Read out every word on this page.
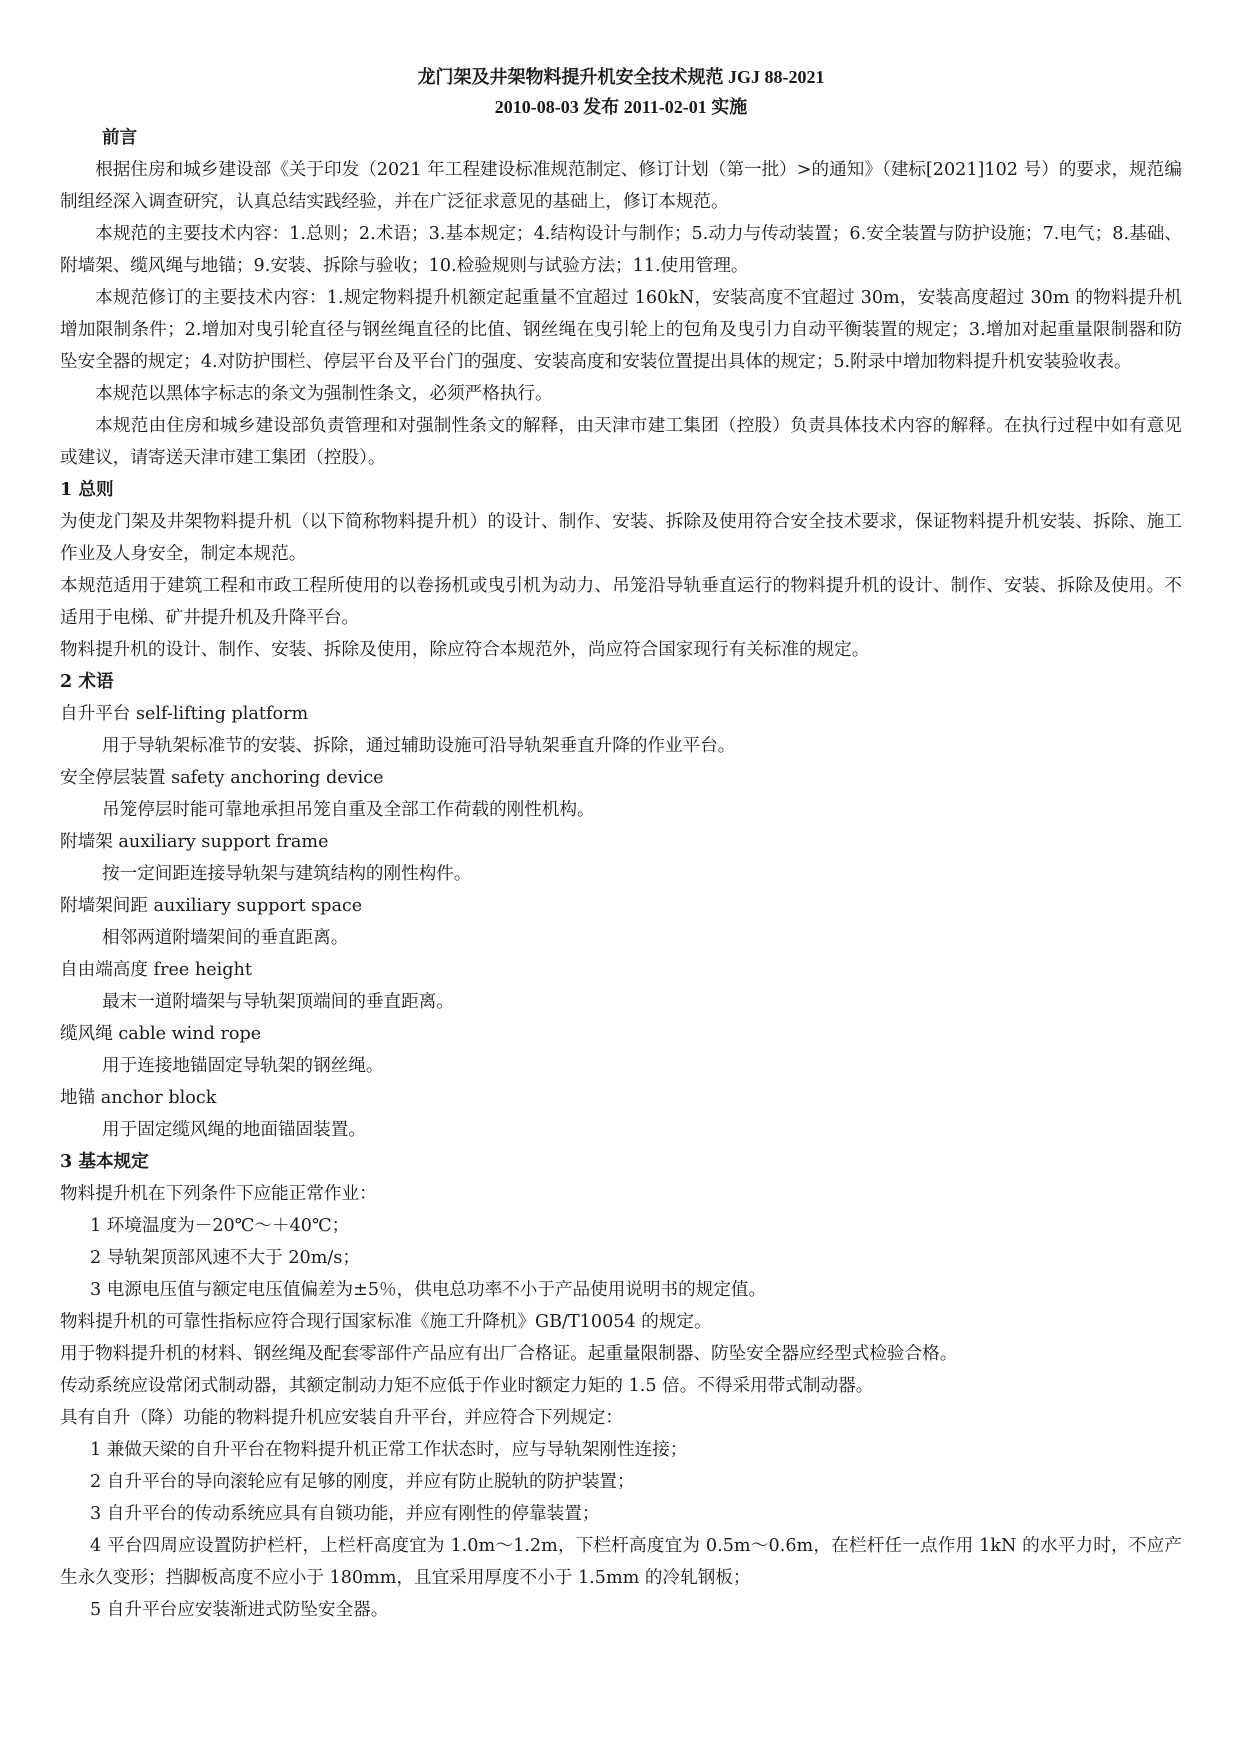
龙门架及井架物料提升机安全技术规范 JGJ 88-2021
2010-08-03 发布 2011-02-01 实施

前言

根据住房和城乡建设部《关于印发（2021 年工程建设标准规范制定、修订计划（第一批）>的通知》（建标[2021]102 号）的要求，规范编制组经深入调查研究，认真总结实践经验，并在广泛征求意见的基础上，修订本规范。

本规范的主要技术内容：1.总则；2.术语；3.基本规定；4.结构设计与制作；5.动力与传动装置；6.安全装置与防护设施；7.电气；8.基础、附墙架、缆风绳与地锚；9.安装、拆除与验收；10.检验规则与试验方法；11.使用管理。

本规范修订的主要技术内容：1.规定物料提升机额定起重量不宜超过 160kN，安装高度不宜超过 30m，安装高度超过 30m 的物料提升机增加限制条件；2.增加对曳引轮直径与钢丝绳直径的比值、钢丝绳在曳引轮上的包角及曳引力自动平衡装置的规定；3.增加对起重量限制器和防坠安全器的规定；4.对防护围栏、停层平台及平台门的强度、安装高度和安装位置提出具体的规定；5.附录中增加物料提升机安装验收表。

本规范以黑体字标志的条文为强制性条文，必须严格执行。

本规范由住房和城乡建设部负责管理和对强制性条文的解释，由天津市建工集团（控股）负责具体技术内容的解释。在执行过程中如有意见或建议，请寄送天津市建工集团（控股）。

1 总则

为使龙门架及井架物料提升机（以下简称物料提升机）的设计、制作、安装、拆除及使用符合安全技术要求，保证物料提升机安装、拆除、施工作业及人身安全，制定本规范。

本规范适用于建筑工程和市政工程所使用的以卷扬机或曳引机为动力、吊笼沿导轨垂直运行的物料提升机的设计、制作、安装、拆除及使用。不适用于电梯、矿井提升机及升降平台。

物料提升机的设计、制作、安装、拆除及使用，除应符合本规范外，尚应符合国家现行有关标准的规定。

2 术语

自升平台 self-lifting platform

用于导轨架标准节的安装、拆除，通过辅助设施可沿导轨架垂直升降的作业平台。

安全停层装置 safety anchoring device

吊笼停层时能可靠地承担吊笼自重及全部工作荷载的刚性机构。

附墙架 auxiliary support frame

按一定间距连接导轨架与建筑结构的刚性构件。

附墙架间距 auxiliary support space

相邻两道附墙架间的垂直距离。

自由端高度 free height

最末一道附墙架与导轨架顶端间的垂直距离。

缆风绳 cable wind rope

用于连接地锚固定导轨架的钢丝绳。

地锚 anchor block

用于固定缆风绳的地面锚固装置。

3 基本规定

物料提升机在下列条件下应能正常作业：

1 环境温度为－20℃～＋40℃；

2 导轨架顶部风速不大于 20m/s；

3 电源电压值与额定电压值偏差为±5％，供电总功率不小于产品使用说明书的规定值。

物料提升机的可靠性指标应符合现行国家标准《施工升降机》GB/T10054 的规定。

用于物料提升机的材料、钢丝绳及配套零部件产品应有出厂合格证。起重量限制器、防坠安全器应经型式检验合格。

传动系统应设常闭式制动器，其额定制动力矩不应低于作业时额定力矩的 1.5 倍。不得采用带式制动器。

具有自升（降）功能的物料提升机应安装自升平台，并应符合下列规定：

1 兼做天梁的自升平台在物料提升机正常工作状态时，应与导轨架刚性连接；

2 自升平台的导向滚轮应有足够的刚度，并应有防止脱轨的防护装置；

3 自升平台的传动系统应具有自锁功能，并应有刚性的停靠装置；

4 平台四周应设置防护栏杆，上栏杆高度宜为 1.0m～1.2m，下栏杆高度宜为 0.5m～0.6m，在栏杆任一点作用 1kN 的水平力时，不应产生永久变形；挡脚板高度不应小于 180mm，且宜采用厚度不小于 1.5mm 的冷轧钢板；

5 自升平台应安装渐进式防坠安全器。
